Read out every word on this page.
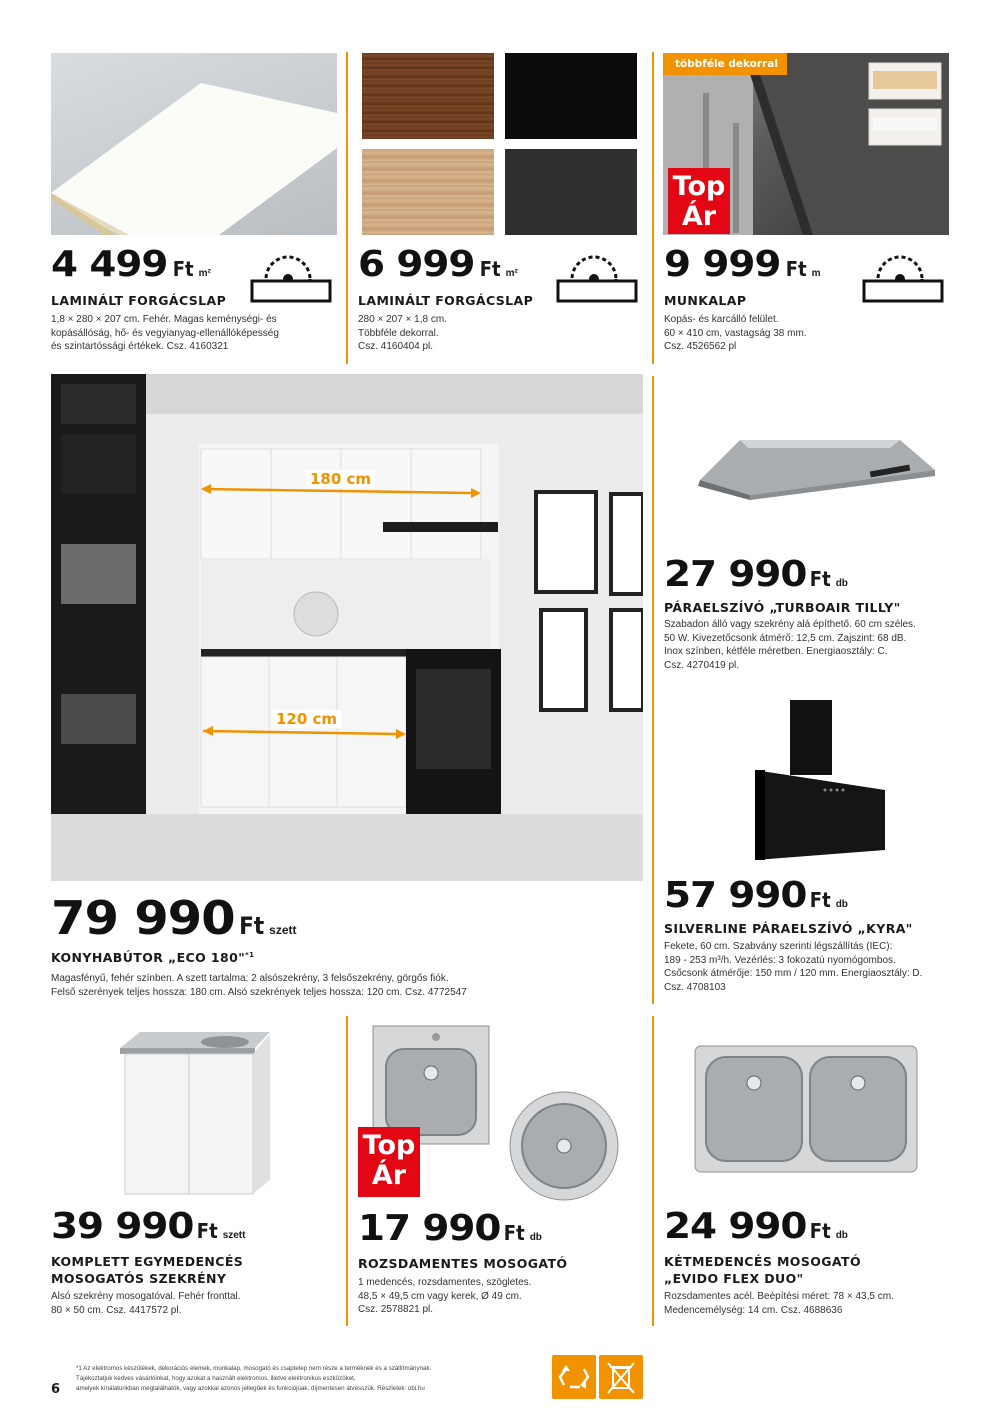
többféle dekorral
Top
Ár
4 499 Ft m²
LAMINÁLT FORGÁCSLAP
1,8 × 280 × 207 cm. Fehér. Magas keménységi- és
kopásállóság, hő- és vegyianyag-ellenállóképesség
és szintartóssági értékek. Csz. 4160321
6 999 Ft m²
LAMINÁLT FORGÁCSLAP
280 × 207 × 1,8 cm.
Többféle dekorral.
Csz. 4160404 pl.
9 999 Ft m
MUNKALAP
Kopás- és karcálló felület.
60 × 410 cm, vastagság 38 mm.
Csz. 4526562 pl
180 cm
120 cm
79 990 Ft szett
KONYHABÚTOR „ECO 180"$^{*1}$
Magasfényű, fehér színben. A szett tartalma: 2 alsószekrény, 3 felsőszekrény, görgős fiók.
Felső szerények teljes hossza: 180 cm. Alsó szekrények teljes hossza: 120 cm. Csz. 4772547
27 990 Ft db
PÁRAELSZÍVÓ „TURBOAIR TILLY"
Szabadon álló vagy szekrény alá építhető. 60 cm széles.
50 W. Kivezetőcsonk átmérő: 12,5 cm. Zajszint: 68 dB.
Inox színben, kétféle méretben. Energiaosztály: C.
Csz. 4270419 pl.
57 990 Ft db
SILVERLINE PÁRAELSZÍVÓ „KYRA"
Fekete, 60 cm. Szabvány szerinti légszállítás (IEC):
189 - 253 m³/h. Vezérlés: 3 fokozatú nyomógombos.
Csőcsonk átmérője: 150 mm / 120 mm. Energiaosztály: D.
Csz. 4708103
39 990 Ft szett
KOMPLETT EGYMEDENCÉS
MOSOGATÓS SZEKRÉNY
Alsó szekrény mosogatóval. Fehér fronttal.
80 × 50 cm. Csz. 4417572 pl.
Top
Ár
17 990 Ft db
ROZSDAMENTES MOSOGATÓ
1 medencés, rozsdamentes, szögletes.
48,5 × 49,5 cm vagy kerek, Ø 49 cm.
Csz. 2578821 pl.
24 990 Ft db
KÉTMEDENCÉS MOSOGATÓ
„EVIDO FLEX DUO"
Rozsdamentes acél. Beépítési méret: 78 × 43,5 cm.
Medencemélység: 14 cm. Csz. 4688636
6
*1 Az elektromos készülékek, dekorációs elemek, munkalap, mosogató és csaptelep nem része a terméknek és a szállítmánynak.
Tájékoztatjuk kedves vásárlóinkat, hogy azokat a használt elektromos, illetve elektronikus eszközöket,
amelyek kínálatunkban megtalálhatók, vagy azokkal azonos jellegűek és funkciójúak, díjmentesen átvesszük. Részletek: obi.hu
